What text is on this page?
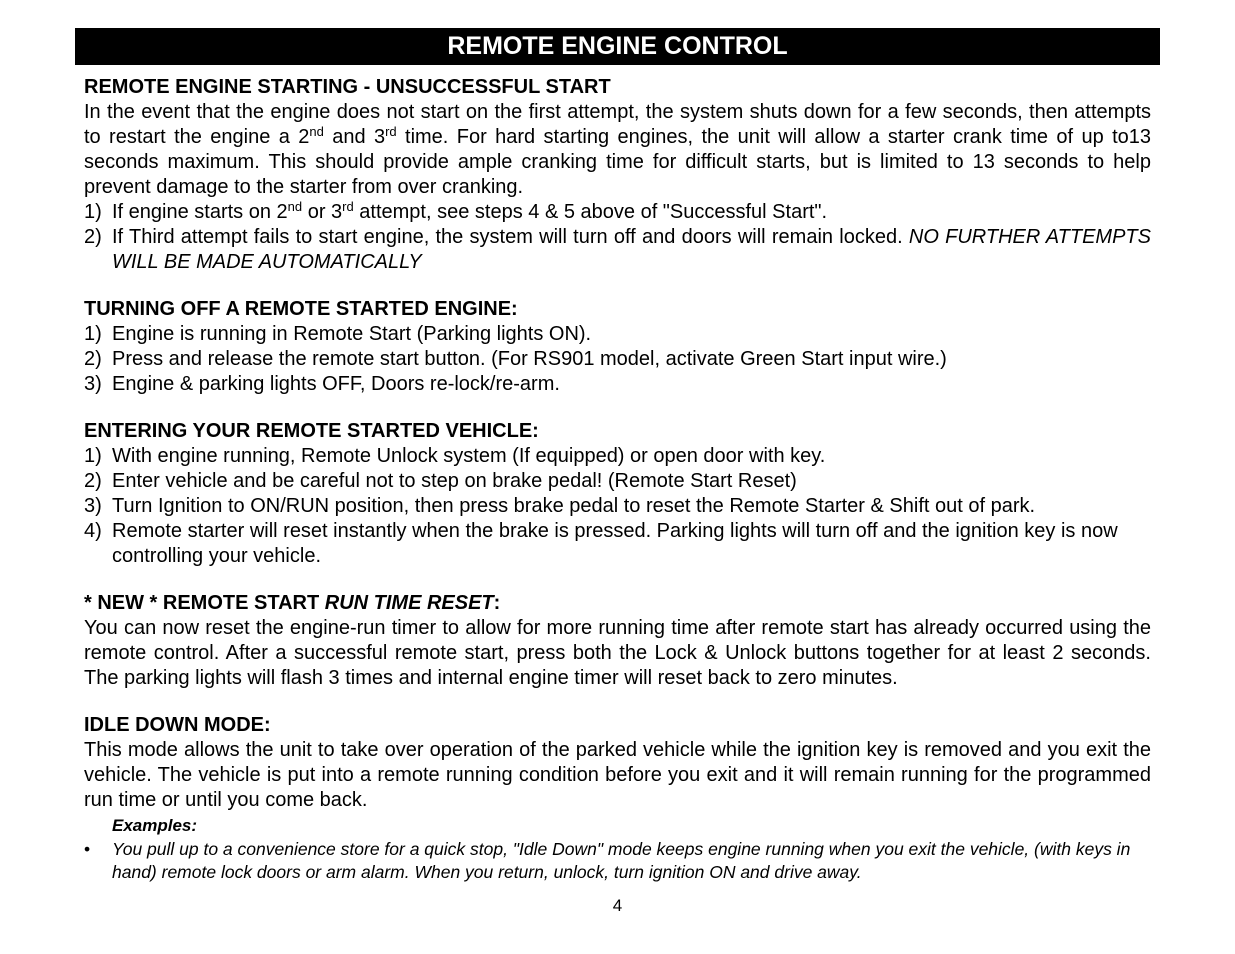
REMOTE ENGINE CONTROL
REMOTE ENGINE STARTING - UNSUCCESSFUL START

In the event that the engine does not start on the first attempt, the system shuts down for a few seconds, then attempts to restart the engine a 2nd and 3rd time. For hard starting engines, the unit will allow a starter crank time of up to13 seconds maximum. This should provide ample cranking time for difficult starts, but is limited to 13 seconds to help prevent damage to the starter from over cranking.

1) If engine starts on 2nd or 3rd attempt, see steps 4 & 5 above of "Successful Start".
2) If Third attempt fails to start engine, the system will turn off and doors will remain locked. NO FURTHER ATTEMPTS WILL BE MADE AUTOMATICALLY
TURNING OFF A REMOTE STARTED ENGINE:
1) Engine is running in Remote Start (Parking lights ON).
2) Press and release the remote start button. (For RS901 model, activate Green Start input wire.)
3) Engine & parking lights OFF, Doors re-lock/re-arm.
ENTERING YOUR REMOTE STARTED VEHICLE:
1) With engine running, Remote Unlock system (If equipped) or open door with key.
2) Enter vehicle and be careful not to step on brake pedal! (Remote Start Reset)
3) Turn Ignition to ON/RUN position, then press brake pedal to reset the Remote Starter & Shift out of park.
4) Remote starter will reset instantly when the brake is pressed. Parking lights will turn off and the ignition key is now controlling your vehicle.
* NEW * REMOTE START RUN TIME RESET:

You can now reset the engine-run timer to allow for more running time after remote start has already occurred using the remote control. After a successful remote start, press both the Lock & Unlock buttons together for at least 2 seconds. The parking lights will flash 3 times and internal engine timer will reset back to zero minutes.

IDLE DOWN MODE:

This mode allows the unit to take over operation of the parked vehicle while the ignition key is removed and you exit the vehicle. The vehicle is put into a remote running condition before you exit and it will remain running for the programmed run time or until you come back.

Examples:
•	You pull up to a convenience store for a quick stop, "Idle Down" mode keeps engine running when you exit the vehicle, (with keys in hand) remote lock doors or arm alarm. When you return, unlock, turn ignition ON and drive away.
4
